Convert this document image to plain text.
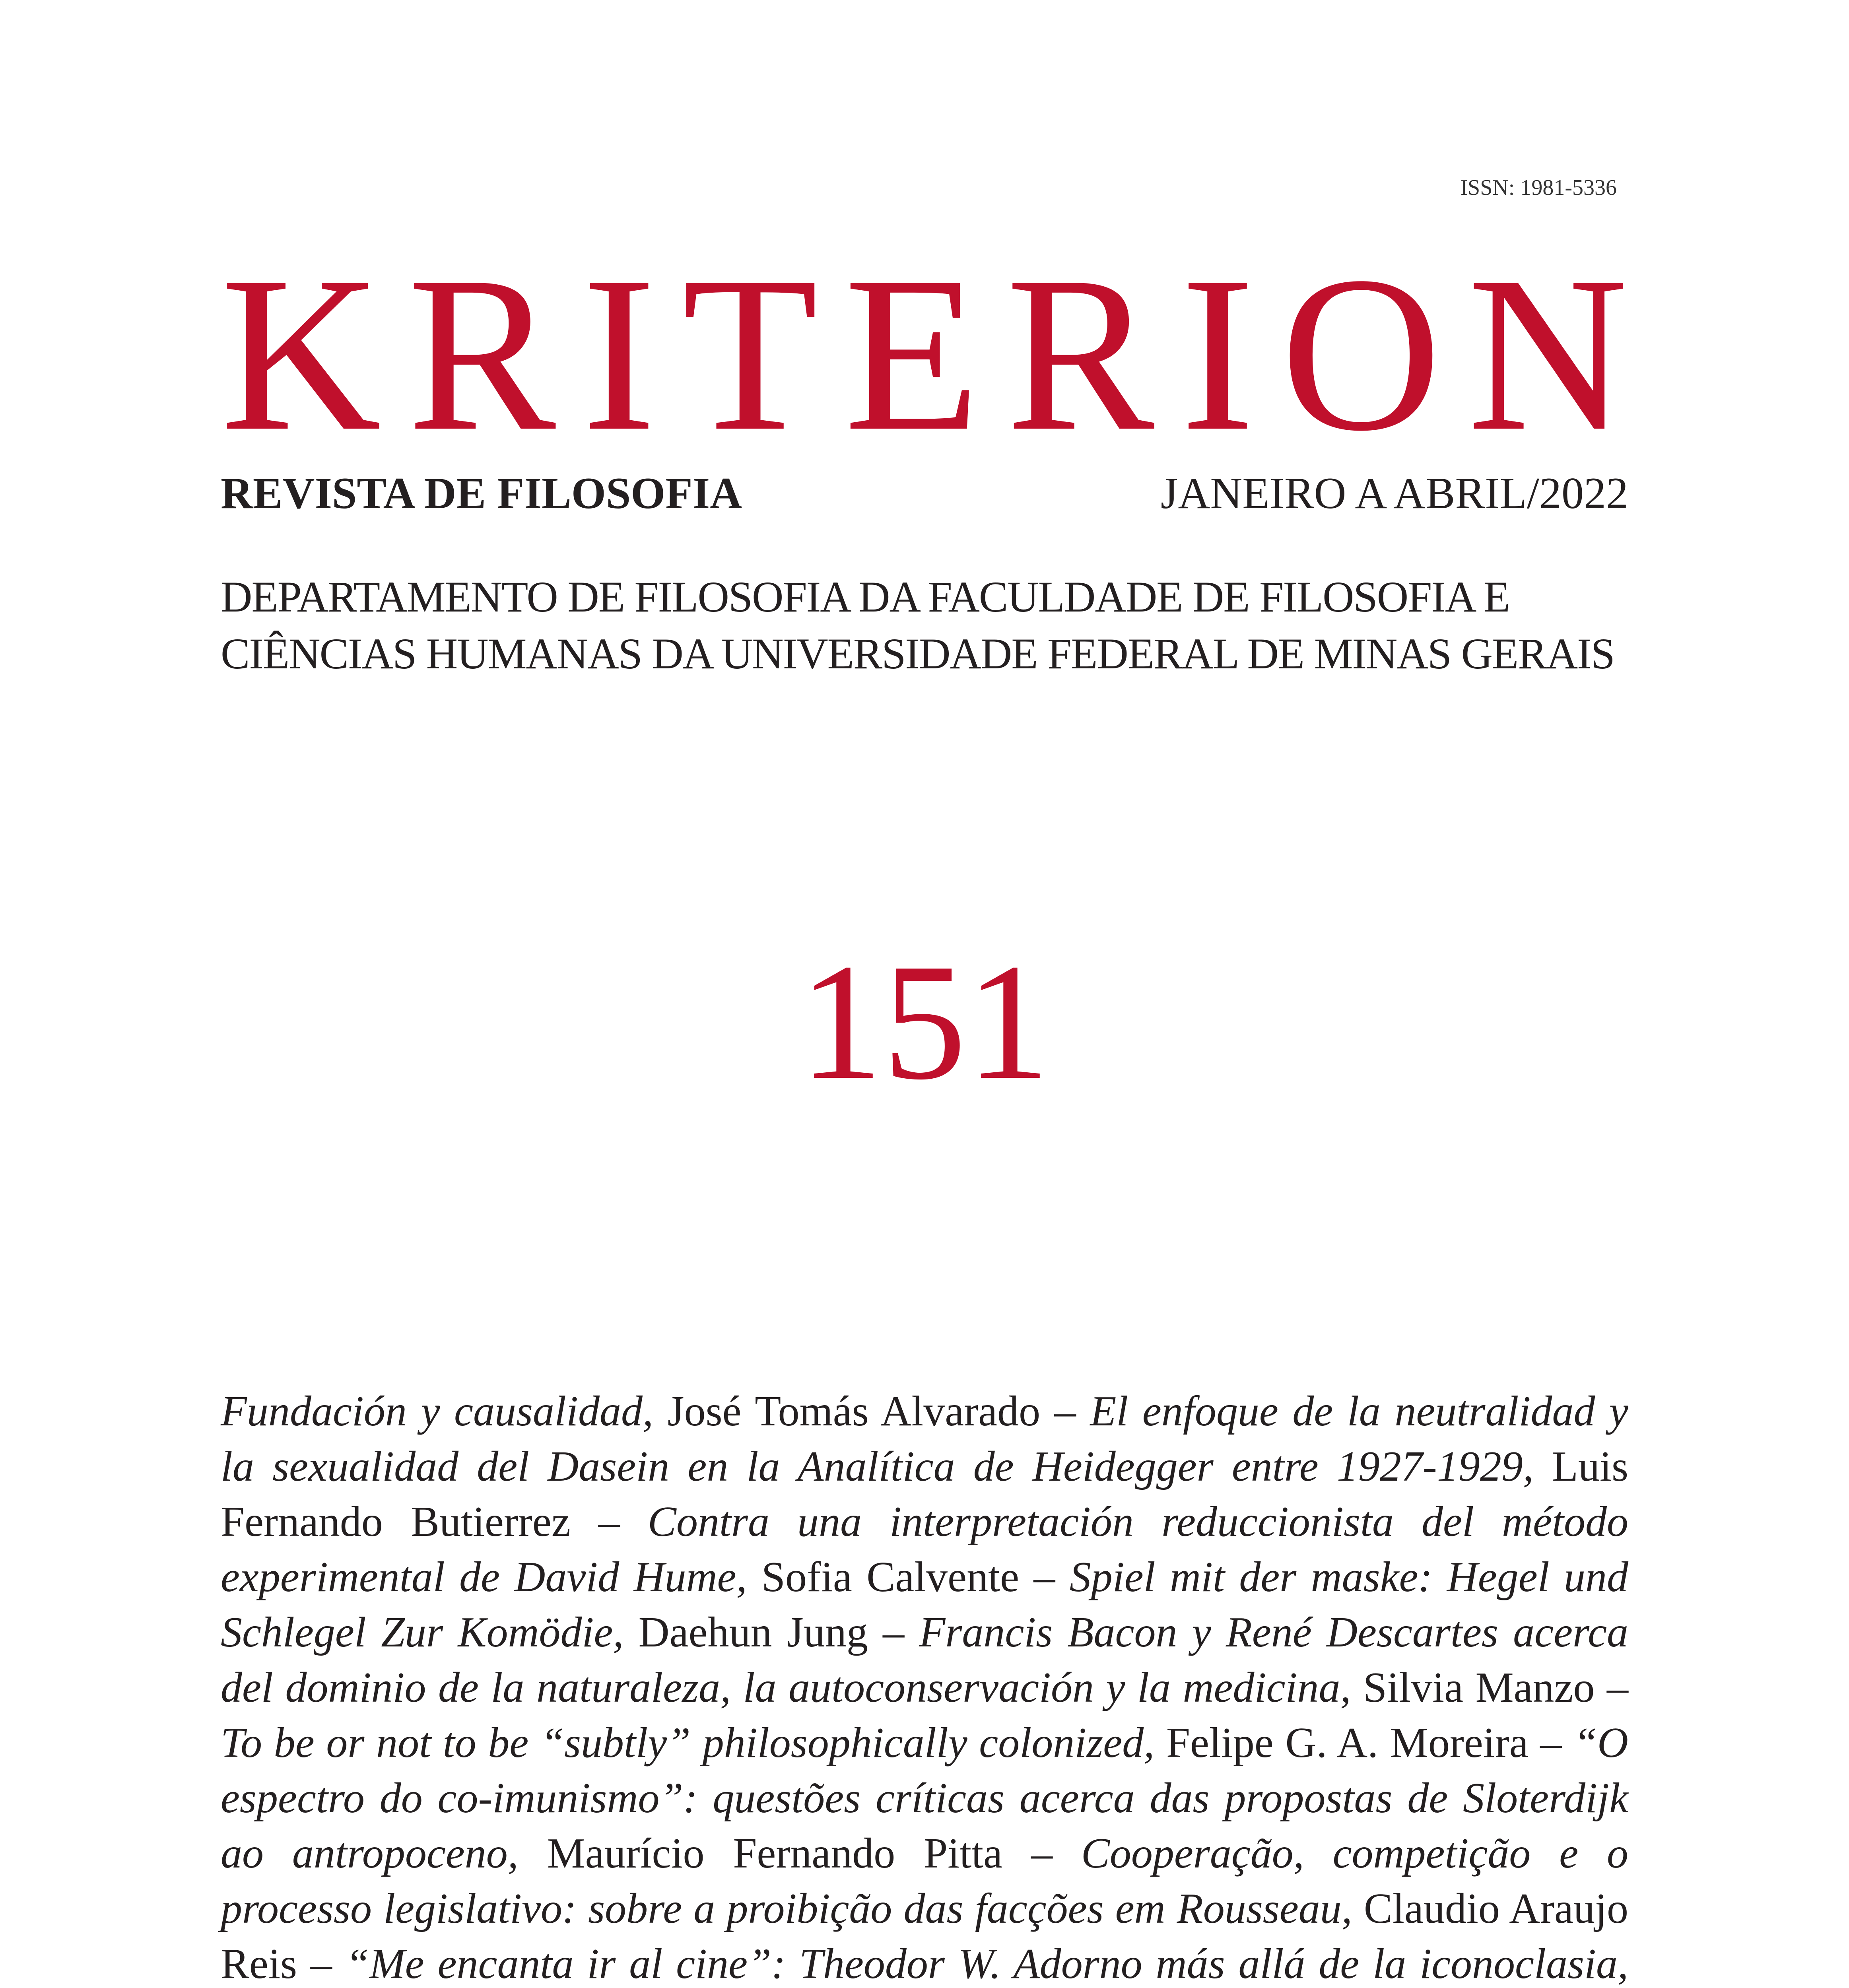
ISSN: 1981-5336
K R I T E R I O N
REVISTA DE FILOSOFIA	JANEIRO A ABRIL/2022
DEPARTAMENTO DE FILOSOFIA DA FACULDADE DE FILOSOFIA E
CIÊNCIAS HUMANAS DA UNIVERSIDADE FEDERAL DE MINAS GERAIS
151
Fundación y causalidad, José Tomás Alvarado – El enfoque de la neutralidad y la sexualidad del Dasein en la Analítica de Heidegger entre 1927-1929, Luis Fernando Butierrez – Contra una interpretación reduccionista del método experimental de David Hume, Sofia Calvente – Spiel mit der maske: Hegel und Schlegel Zur Komödie, Daehun Jung – Francis Bacon y René Descartes acerca del dominio de la naturaleza, la autoconservación y la medicina, Silvia Manzo – To be or not to be “subtly” philosophically colonized, Felipe G. A. Moreira – “O espectro do co-imunismo”: questões críticas acerca das propostas de Sloterdijk ao antropoceno, Maurício Fernando Pitta – Cooperação, competição e o processo legislativo: sobre a proibição das facções em Rousseau, Claudio Araujo Reis – “Me encanta ir al cine”: Theodor W. Adorno más allá de la iconoclasia,
